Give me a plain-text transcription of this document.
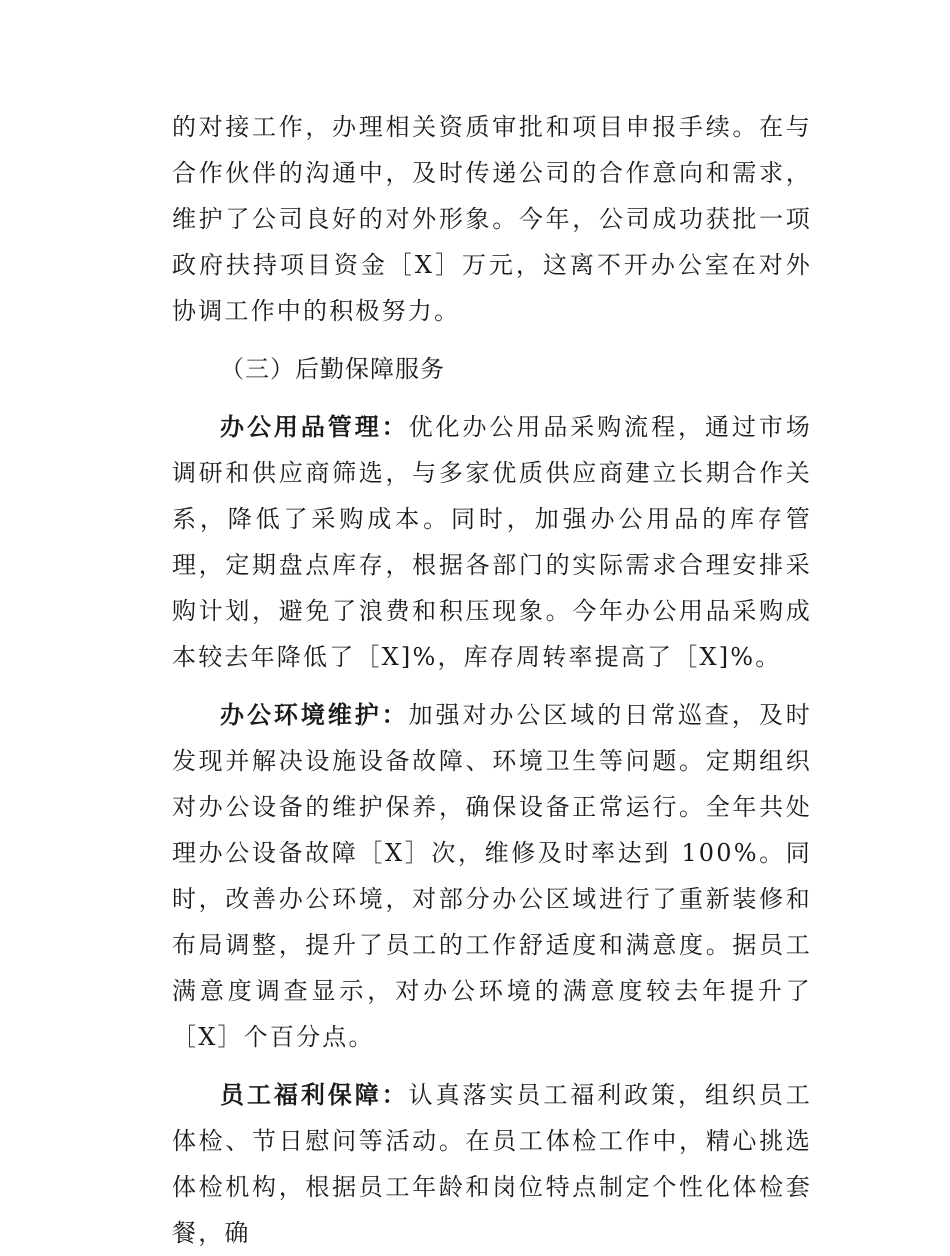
的对接工作，办理相关资质审批和项目申报手续。在与合作伙伴的沟通中，及时传递公司的合作意向和需求，维护了公司良好的对外形象。今年，公司成功获批一项政府扶持项目资金［X］万元，这离不开办公室在对外协调工作中的积极努力。

（三）后勤保障服务

办公用品管理：优化办公用品采购流程，通过市场调研和供应商筛选，与多家优质供应商建立长期合作关系，降低了采购成本。同时，加强办公用品的库存管理，定期盘点库存，根据各部门的实际需求合理安排采购计划，避免了浪费和积压现象。今年办公用品采购成本较去年降低了［X]%，库存周转率提高了［X]%。

办公环境维护：加强对办公区域的日常巡查，及时发现并解决设施设备故障、环境卫生等问题。定期组织对办公设备的维护保养，确保设备正常运行。全年共处理办公设备故障［X］次，维修及时率达到 100%。同时，改善办公环境，对部分办公区域进行了重新装修和布局调整，提升了员工的工作舒适度和满意度。据员工满意度调查显示，对办公环境的满意度较去年提升了［X］个百分点。

员工福利保障：认真落实员工福利政策，组织员工体检、节日慰问等活动。在员工体检工作中，精心挑选体检机构，根据员工年龄和岗位特点制定个性化体检套餐，确
